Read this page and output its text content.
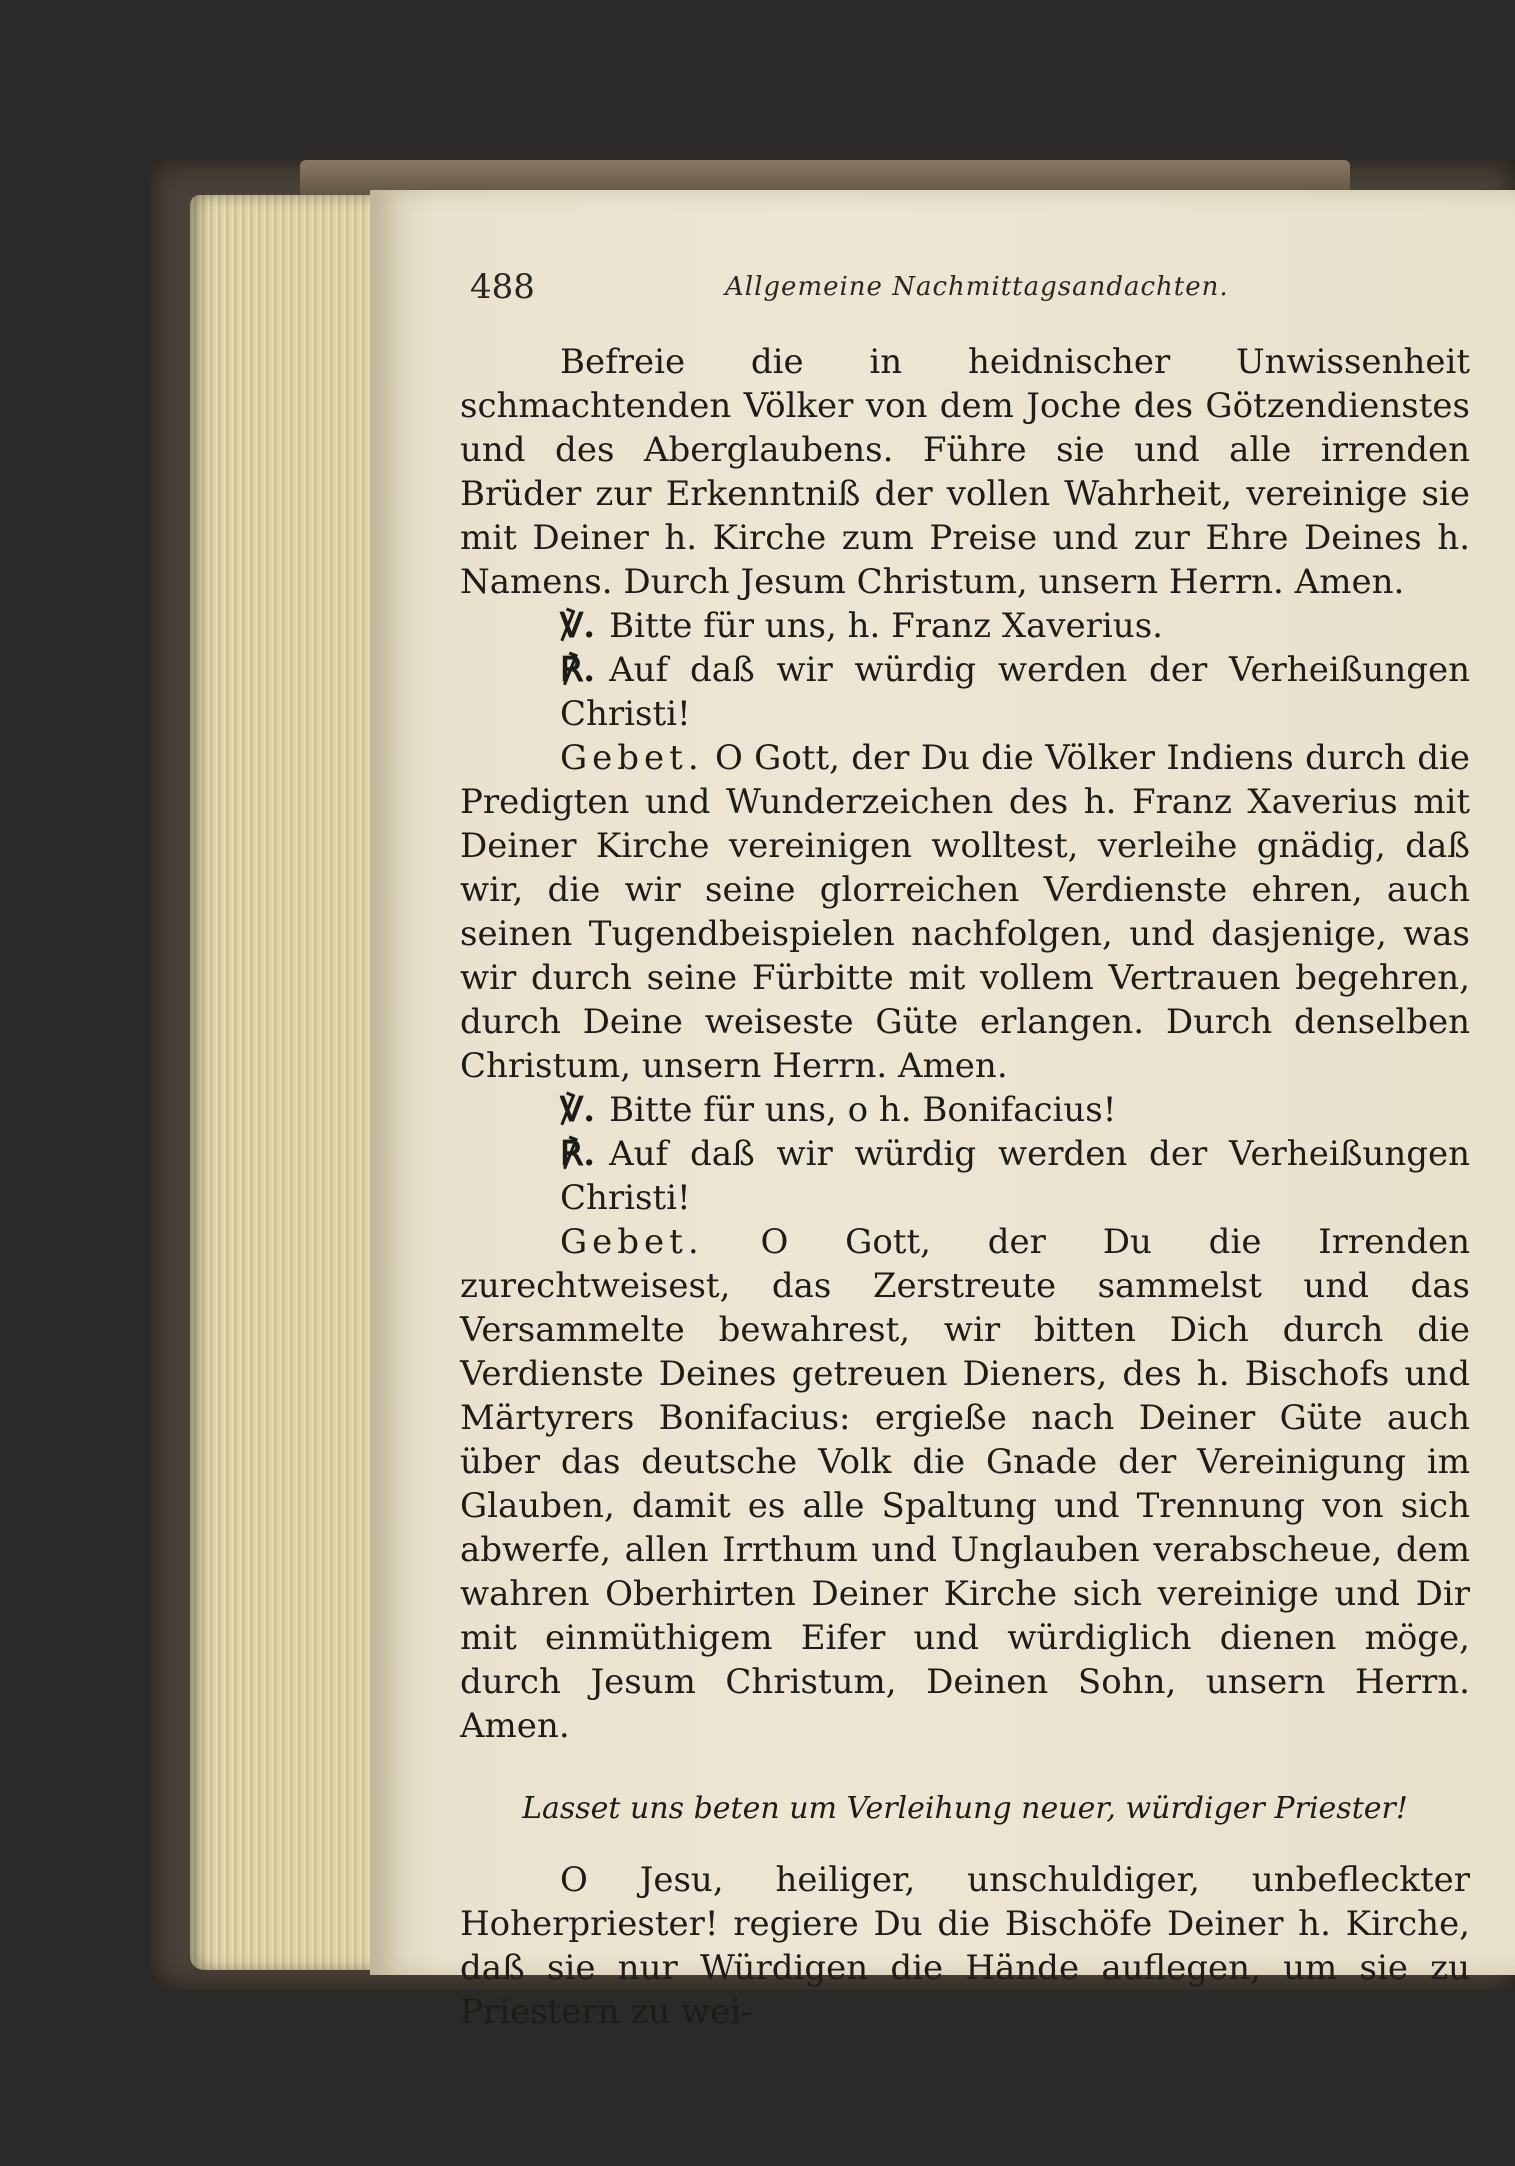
488	Allgemeine Nachmittagsandachten.

Befreie die in heidnischer Unwissenheit schmachtenden Völker von dem Joche des Götzendienstes und des Aberglaubens. Führe sie und alle irrenden Brüder zur Erkenntniß der vollen Wahrheit, vereinige sie mit Deiner h. Kirche zum Preise und zur Ehre Deines h. Namens. Durch Jesum Christum, unsern Herrn. Amen.

℣. Bitte für uns, h. Franz Xaverius.

℟. Auf daß wir würdig werden der Verheißungen Christi!

Gebet. O Gott, der Du die Völker Indiens durch die Predigten und Wunderzeichen des h. Franz Xaverius mit Deiner Kirche vereinigen wolltest, verleihe gnädig, daß wir, die wir seine glorreichen Verdienste ehren, auch seinen Tugendbeispielen nachfolgen, und dasjenige, was wir durch seine Fürbitte mit vollem Vertrauen begehren, durch Deine weiseste Güte erlangen. Durch denselben Christum, unsern Herrn. Amen.

℣. Bitte für uns, o h. Bonifacius!

℟. Auf daß wir würdig werden der Verheißungen Christi!

Gebet. O Gott, der Du die Irrenden zurechtweisest, das Zerstreute sammelst und das Versammelte bewahrest, wir bitten Dich durch die Verdienste Deines getreuen Dieners, des h. Bischofs und Märtyrers Bonifacius: ergieße nach Deiner Güte auch über das deutsche Volk die Gnade der Vereinigung im Glauben, damit es alle Spaltung und Trennung von sich abwerfe, allen Irrthum und Unglauben verabscheue, dem wahren Oberhirten Deiner Kirche sich vereinige und Dir mit einmüthigem Eifer und würdiglich dienen möge, durch Jesum Christum, Deinen Sohn, unsern Herrn. Amen.

Lasset uns beten um Verleihung neuer, würdiger Priester!

O Jesu, heiliger, unschuldiger, unbefleckter Hoherpriester! regiere Du die Bischöfe Deiner h. Kirche, daß sie nur Würdigen die Hände auflegen, um sie zu Priestern zu wei-
